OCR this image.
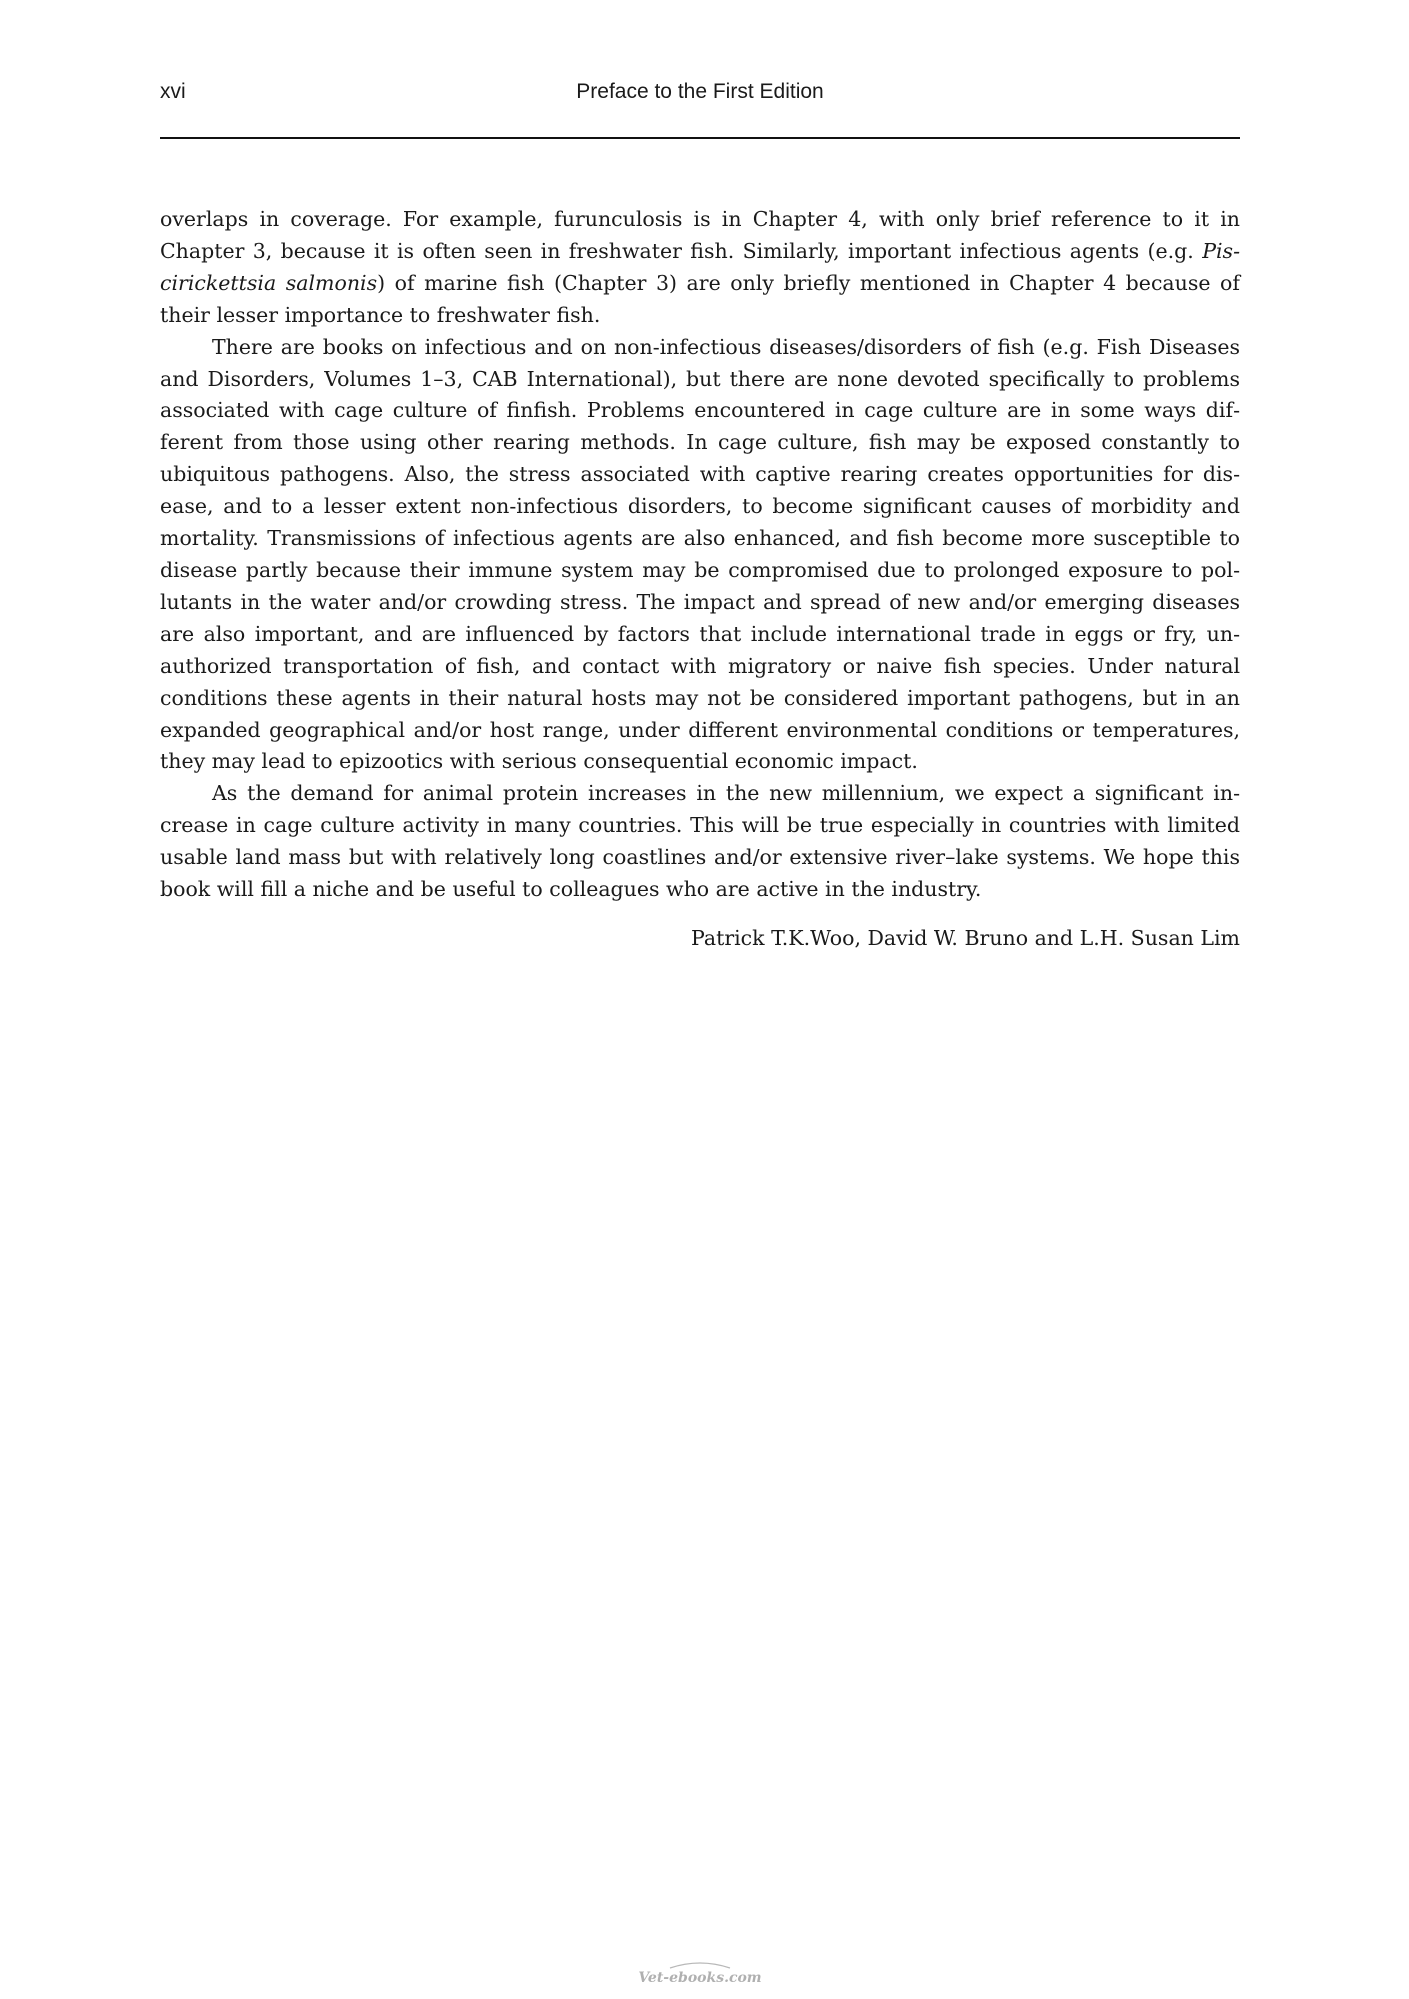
xvi	Preface to the First Edition

overlaps in coverage. For example, furunculosis is in Chapter 4, with only brief reference to it in Chapter 3, because it is often seen in freshwater fish. Similarly, important infectious agents (e.g. Piscirickettsia salmonis) of marine fish (Chapter 3) are only briefly mentioned in Chapter 4 because of their lesser importance to freshwater fish.

There are books on infectious and on non-infectious diseases/disorders of fish (e.g. Fish Diseases and Disorders, Volumes 1–3, CAB International), but there are none devoted specifically to problems associated with cage culture of finfish. Problems encountered in cage culture are in some ways different from those using other rearing methods. In cage culture, fish may be exposed constantly to ubiquitous pathogens. Also, the stress associated with captive rearing creates opportunities for disease, and to a lesser extent non-infectious disorders, to become significant causes of morbidity and mortality. Transmissions of infectious agents are also enhanced, and fish become more susceptible to disease partly because their immune system may be compromised due to prolonged exposure to pollutants in the water and/or crowding stress. The impact and spread of new and/or emerging diseases are also important, and are influenced by factors that include international trade in eggs or fry, unauthorized transportation of fish, and contact with migratory or naive fish species. Under natural conditions these agents in their natural hosts may not be considered important pathogens, but in an expanded geographical and/or host range, under different environmental conditions or temperatures, they may lead to epizootics with serious consequential economic impact.

As the demand for animal protein increases in the new millennium, we expect a significant increase in cage culture activity in many countries. This will be true especially in countries with limited usable land mass but with relatively long coastlines and/or extensive river–lake systems. We hope this book will fill a niche and be useful to colleagues who are active in the industry.

Patrick T.K.Woo, David W. Bruno and L.H. Susan Lim
Vet-ebooks.com
